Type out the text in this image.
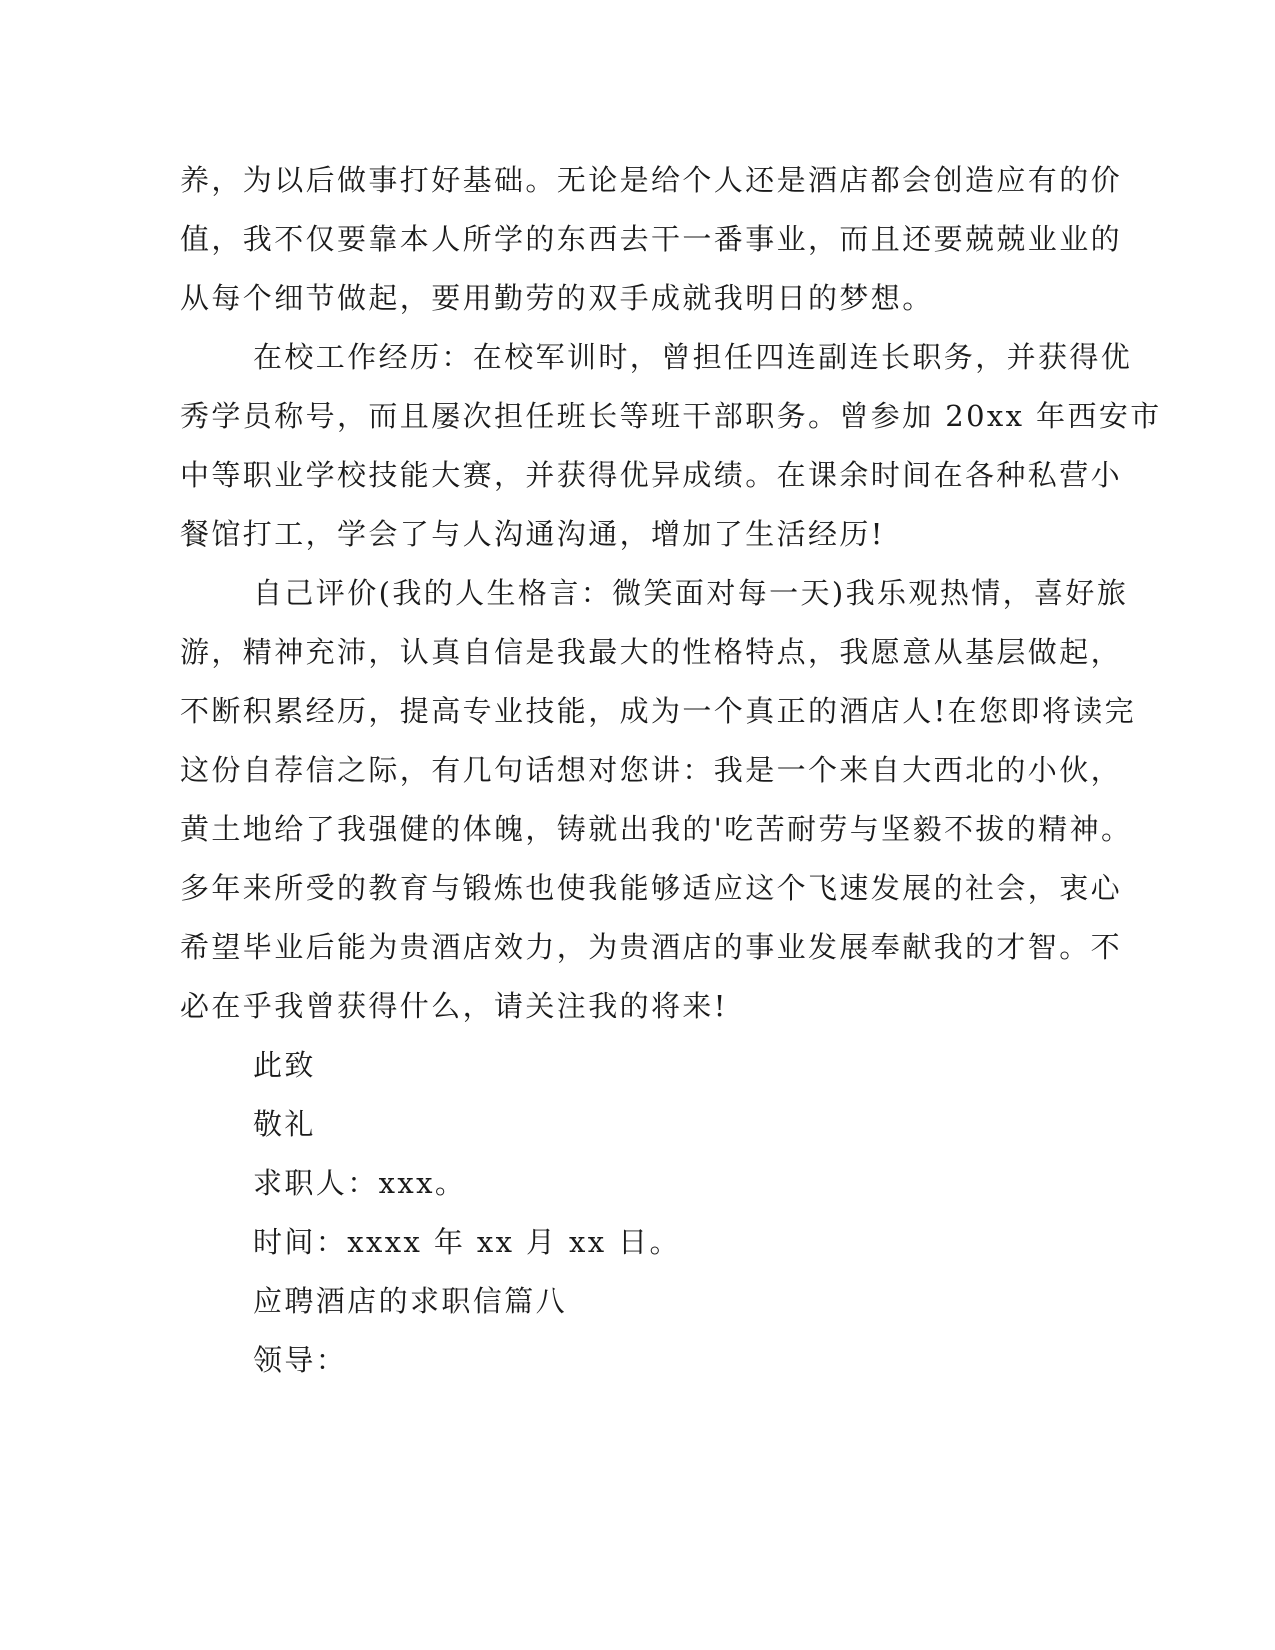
养，为以后做事打好基础。无论是给个人还是酒店都会创造应有的价

值，我不仅要靠本人所学的东西去干一番事业，而且还要兢兢业业的

从每个细节做起，要用勤劳的双手成就我明日的梦想。

在校工作经历：在校军训时，曾担任四连副连长职务，并获得优

秀学员称号，而且屡次担任班长等班干部职务。曾参加 20xx 年西安市

中等职业学校技能大赛，并获得优异成绩。在课余时间在各种私营小

餐馆打工，学会了与人沟通沟通，增加了生活经历!

自己评价(我的人生格言：微笑面对每一天)我乐观热情，喜好旅

游，精神充沛，认真自信是我最大的性格特点，我愿意从基层做起，

不断积累经历，提高专业技能，成为一个真正的酒店人!在您即将读完

这份自荐信之际，有几句话想对您讲：我是一个来自大西北的小伙，

黄土地给了我强健的体魄，铸就出我的'吃苦耐劳与坚毅不拔的精神。

多年来所受的教育与锻炼也使我能够适应这个飞速发展的社会，衷心

希望毕业后能为贵酒店效力，为贵酒店的事业发展奉献我的才智。不

必在乎我曾获得什么，请关注我的将来!

此致

敬礼

求职人：xxx。

时间：xxxx 年 xx 月 xx 日。

应聘酒店的求职信篇八

领导：
